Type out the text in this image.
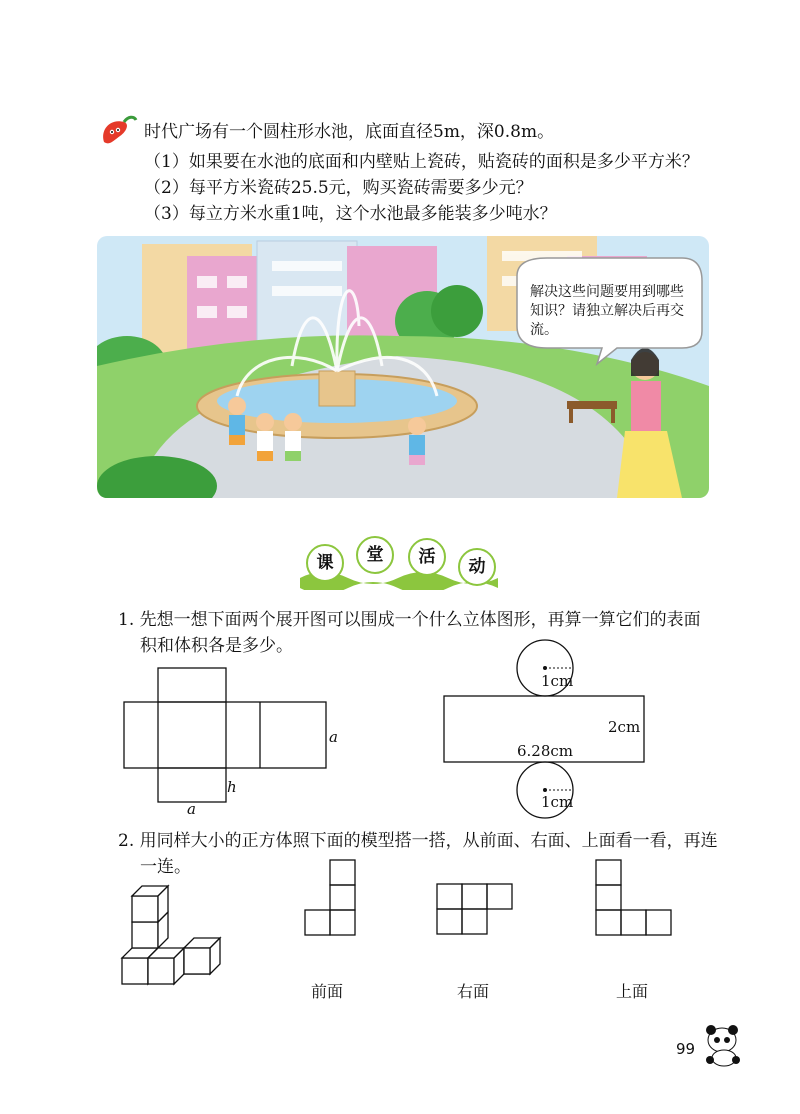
时代广场有一个圆柱形水池，底面直径5m，深0.8m。
（1）如果要在水池的底面和内壁贴上瓷砖，贴瓷砖的面积是多少平方米？
（2）每平方米瓷砖25.5元，购买瓷砖需要多少元？
（3）每立方米水重1吨，这个水池最多能装多少吨水？
解决这些问题要用到哪些知识？请独立解决后再交流。
课	堂	活	动
1. 先想一想下面两个展开图可以围成一个什么立体图形，再算一算它们的表面
积和体积各是多少。
a
h
a
1cm
2cm
6.28cm
1cm
2. 用同样大小的正方体照下面的模型搭一搭，从前面、右面、上面看一看，再连
一连。
前面	右面	上面
99
